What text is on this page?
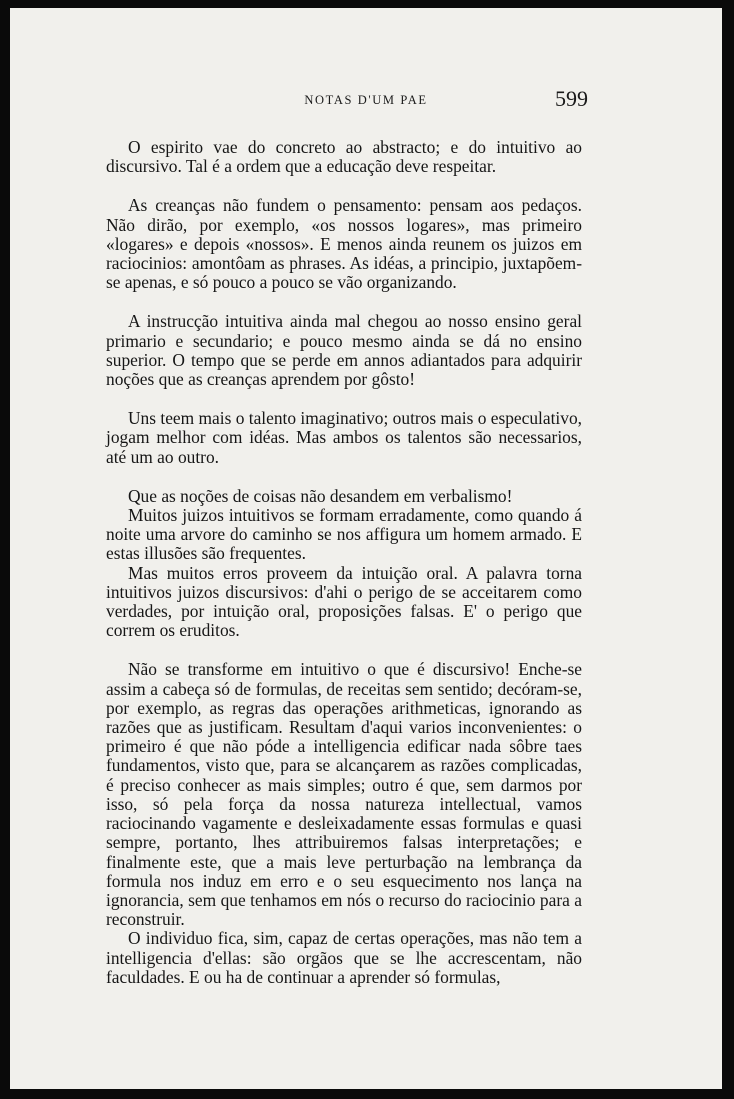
NOTAS D'UM PAE	599

O espirito vae do concreto ao abstracto; e do intuitivo ao discursivo. Tal é a ordem que a educação deve respeitar.

As creanças não fundem o pensamento: pensam aos pedaços. Não dirão, por exemplo, «os nossos logares», mas primeiro «logares» e depois «nossos». E menos ainda reunem os juizos em raciocinios: amontôam as phrases. As idéas, a principio, juxtapõem-se apenas, e só pouco a pouco se vão organizando.

A instrucção intuitiva ainda mal chegou ao nosso ensino geral primario e secundario; e pouco mesmo ainda se dá no ensino superior. O tempo que se perde em annos adiantados para adquirir noções que as creanças aprendem por gôsto!

Uns teem mais o talento imaginativo; outros mais o especulativo, jogam melhor com idéas. Mas ambos os talentos são necessarios, até um ao outro.

Que as noções de coisas não desandem em verbalismo!

Muitos juizos intuitivos se formam erradamente, como quando á noite uma arvore do caminho se nos affigura um homem armado. E estas illusões são frequentes.

Mas muitos erros proveem da intuição oral. A palavra torna intuitivos juizos discursivos: d'ahi o perigo de se acceitarem como verdades, por intuição oral, proposições falsas. E' o perigo que correm os eruditos.

Não se transforme em intuitivo o que é discursivo! Enche-se assim a cabeça só de formulas, de receitas sem sentido; decóram-se, por exemplo, as regras das operações arithmeticas, ignorando as razões que as justificam. Resultam d'aqui varios inconvenientes: o primeiro é que não póde a intelligencia edificar nada sôbre taes fundamentos, visto que, para se alcançarem as razões complicadas, é preciso conhecer as mais simples; outro é que, sem darmos por isso, só pela força da nossa natureza intellectual, vamos raciocinando vagamente e desleixadamente essas formulas e quasi sempre, portanto, lhes attribuiremos falsas interpretações; e finalmente este, que a mais leve perturbação na lembrança da formula nos induz em erro e o seu esquecimento nos lança na ignorancia, sem que tenhamos em nós o recurso do raciocinio para a reconstruir.

O individuo fica, sim, capaz de certas operações, mas não tem a intelligencia d'ellas: são orgãos que se lhe accrescentam, não faculdades. E ou ha de continuar a aprender só formulas,
